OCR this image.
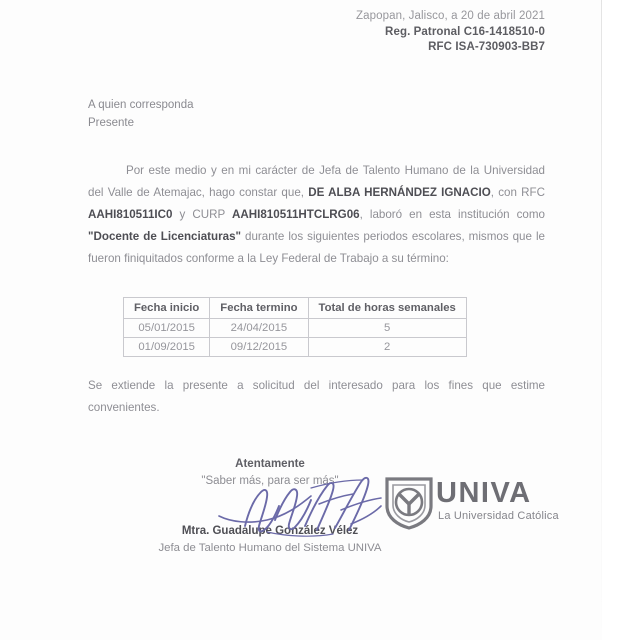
Zapopan, Jalisco, a 20 de abril 2021
Reg. Patronal C16-1418510-0
RFC ISA-730903-BB7
A quien corresponda
Presente
Por este medio y en mi carácter de Jefa de Talento Humano de la Universidad del Valle de Atemajac, hago constar que, DE ALBA HERNÁNDEZ IGNACIO, con RFC AAHI810511IC0 y CURP AAHI810511HTCLRG06, laboró en esta institución como "Docente de Licenciaturas" durante los siguientes periodos escolares, mismos que le fueron finiquitados conforme a la Ley Federal de Trabajo a su término:
Fecha inicio	Fecha termino	Total de horas semanales
05/01/2015	24/04/2015	5
01/09/2015	09/12/2015	2
Se extiende la presente a solicitud del interesado para los fines que estime convenientes.
Atentamente
"Saber más, para ser más"
Mtra. Guadalupe González Vélez
Jefa de Talento Humano del Sistema UNIVA
UNIVA
La Universidad Católica
